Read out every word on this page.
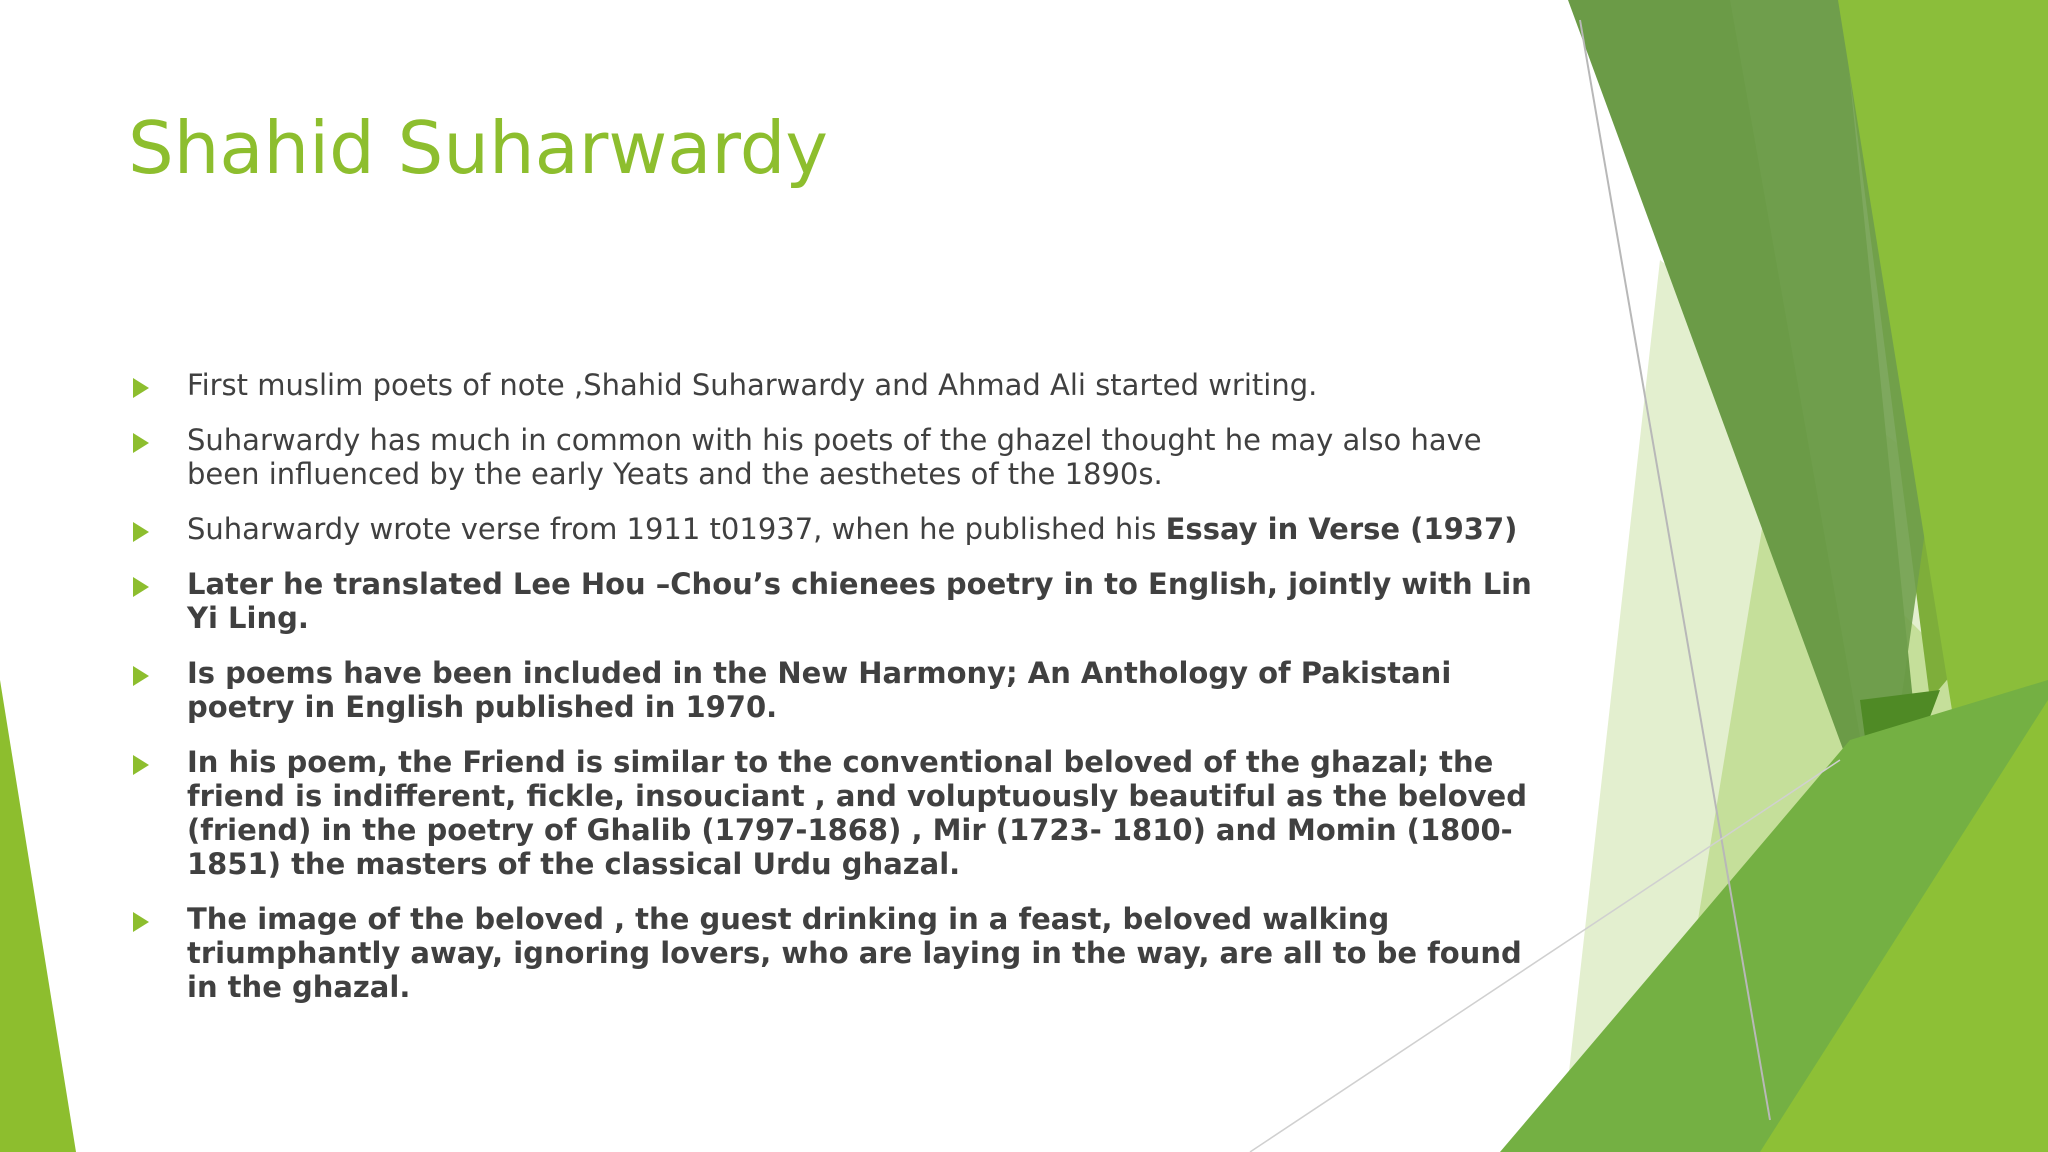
Shahid Suharwardy
First muslim poets of note ,Shahid Suharwardy and Ahmad Ali started writing.
Suharwardy has much in common with his poets of the ghazel thought he may also have been influenced by the early Yeats and the aesthetes of the 1890s.
Suharwardy wrote verse from 1911 t01937, when he published his Essay in Verse (1937)
Later he translated Lee Hou –Chou’s chienees poetry in to English, jointly with Lin Yi Ling.
Is poems have been included in the New Harmony; An Anthology of Pakistani poetry in English published in 1970.
In his poem, the Friend is similar to the conventional beloved of the ghazal; the friend is indifferent, fickle, insouciant , and voluptuously beautiful as the beloved (friend) in the poetry of Ghalib (1797-1868) , Mir (1723- 1810) and Momin (1800-1851) the masters of the classical Urdu ghazal.
The image of the beloved , the guest drinking in a feast, beloved walking triumphantly away, ignoring lovers, who are laying in the way, are all to be found in the ghazal.
